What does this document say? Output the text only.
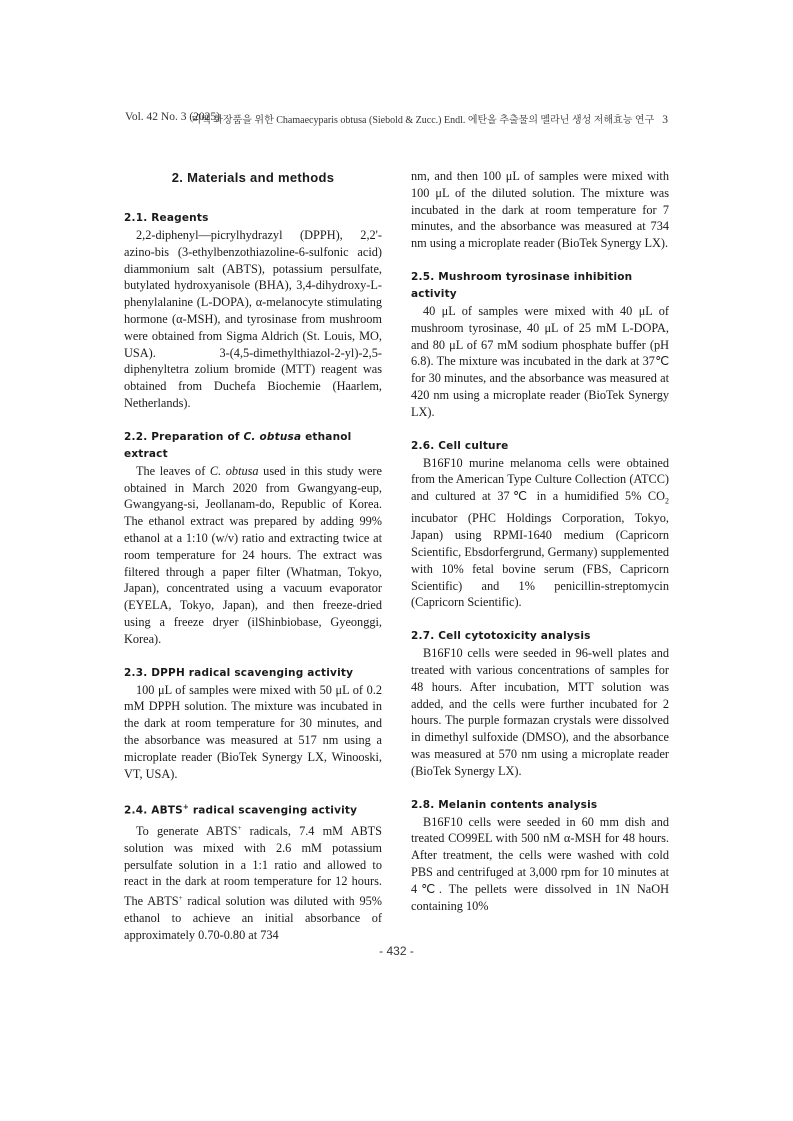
Vol. 42 No. 3 (2025)
미백 화장품을 위한 Chamaecyparis obtusa (Siebold & Zucc.) Endl. 에탄올 추출물의 멜라닌 생성 저해효능 연구 3
2. Materials and methods
2.1. Reagents

2,2-diphenyl—picrylhydrazyl (DPPH), 2,2'-azino-bis (3-ethylbenzothiazoline-6-sulfonic acid) diammonium salt (ABTS), potassium persulfate, butylated hydroxyanisole (BHA), 3,4-dihydroxy-L-phenylalanine (L-DOPA), α-melanocyte stimulating hormone (α-MSH), and tyrosinase from mushroom were obtained from Sigma Aldrich (St. Louis, MO, USA). 3-(4,5-dimethylthiazol-2-yl)-2,5-diphenyltetra zolium bromide (MTT) reagent was obtained from Duchefa Biochemie (Haarlem, Netherlands).

2.2. Preparation of C. obtusa ethanol extract

The leaves of C. obtusa used in this study were obtained in March 2020 from Gwangyang-eup, Gwangyang-si, Jeollanam-do, Republic of Korea. The ethanol extract was prepared by adding 99% ethanol at a 1:10 (w/v) ratio and extracting twice at room temperature for 24 hours. The extract was filtered through a paper filter (Whatman, Tokyo, Japan), concentrated using a vacuum evaporator (EYELA, Tokyo, Japan), and then freeze-dried using a freeze dryer (ilShinbiobase, Gyeonggi, Korea).

2.3. DPPH radical scavenging activity

100 μL of samples were mixed with 50 μL of 0.2 mM DPPH solution. The mixture was incubated in the dark at room temperature for 30 minutes, and the absorbance was measured at 517 nm using a microplate reader (BioTek Synergy LX, Winooski, VT, USA).

2.4. ABTS+ radical scavenging activity

To generate ABTS+ radicals, 7.4 mM ABTS solution was mixed with 2.6 mM potassium persulfate solution in a 1:1 ratio and allowed to react in the dark at room temperature for 12 hours. The ABTS+ radical solution was diluted with 95% ethanol to achieve an initial absorbance of approximately 0.70-0.80 at 734

nm, and then 100 μL of samples were mixed with 100 μL of the diluted solution. The mixture was incubated in the dark at room temperature for 7 minutes, and the absorbance was measured at 734 nm using a microplate reader (BioTek Synergy LX).

2.5. Mushroom tyrosinase inhibition activity

40 μL of samples were mixed with 40 μL of mushroom tyrosinase, 40 μL of 25 mM L-DOPA, and 80 μL of 67 mM sodium phosphate buffer (pH 6.8). The mixture was incubated in the dark at 37℃ for 30 minutes, and the absorbance was measured at 420 nm using a microplate reader (BioTek Synergy LX).

2.6. Cell culture

B16F10 murine melanoma cells were obtained from the American Type Culture Collection (ATCC) and cultured at 37℃ in a humidified 5% $CO_2$ incubator (PHC Holdings Corporation, Tokyo, Japan) using RPMI-1640 medium (Capricorn Scientific, Ebsdorfergrund, Germany) supplemented with 10% fetal bovine serum (FBS, Capricorn Scientific) and 1% penicillin-streptomycin (Capricorn Scientific).

2.7. Cell cytotoxicity analysis

B16F10 cells were seeded in 96-well plates and treated with various concentrations of samples for 48 hours. After incubation, MTT solution was added, and the cells were further incubated for 2 hours. The purple formazan crystals were dissolved in dimethyl sulfoxide (DMSO), and the absorbance was measured at 570 nm using a microplate reader (BioTek Synergy LX).

2.8. Melanin contents analysis

B16F10 cells were seeded in 60 mm dish and treated CO99EL with 500 nM α-MSH for 48 hours. After treatment, the cells were washed with cold PBS and centrifuged at 3,000 rpm for 10 minutes at 4℃. The pellets were dissolved in 1N NaOH containing 10%

- 432 -
